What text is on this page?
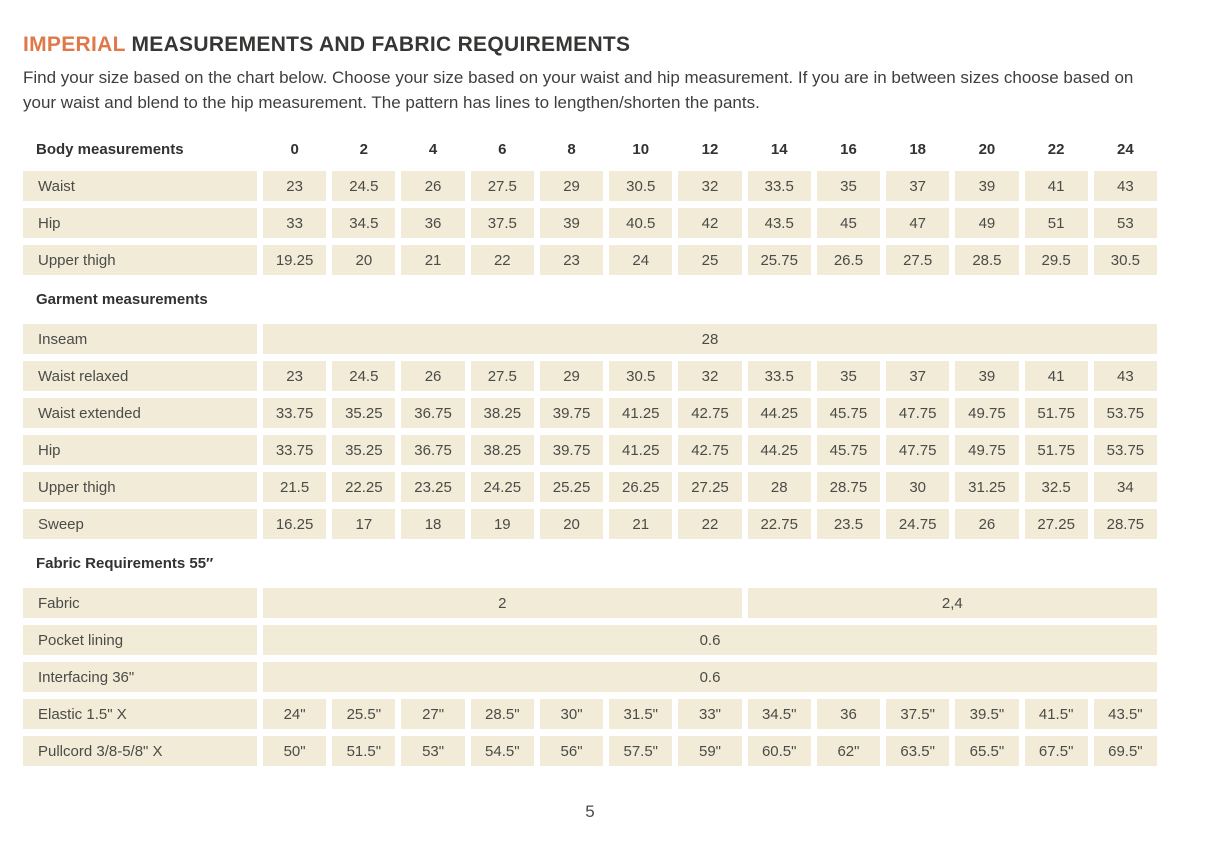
IMPERIAL MEASUREMENTS AND FABRIC REQUIREMENTS

Find your size based on the chart below. Choose your size based on your waist and hip measurement. If you are in between sizes choose based on your waist and blend to the hip measurement. The pattern has lines to lengthen/shorten the pants.

Body measurements	0	2	4	6	8	10	12	14	16	18	20	22	24
Waist	23	24.5	26	27.5	29	30.5	32	33.5	35	37	39	41	43
Hip	33	34.5	36	37.5	39	40.5	42	43.5	45	47	49	51	53
Upper thigh	19.25	20	21	22	23	24	25	25.75	26.5	27.5	28.5	29.5	30.5
Garment measurements
Inseam	28
Waist relaxed	23	24.5	26	27.5	29	30.5	32	33.5	35	37	39	41	43
Waist extended	33.75	35.25	36.75	38.25	39.75	41.25	42.75	44.25	45.75	47.75	49.75	51.75	53.75
Hip	33.75	35.25	36.75	38.25	39.75	41.25	42.75	44.25	45.75	47.75	49.75	51.75	53.75
Upper thigh	21.5	22.25	23.25	24.25	25.25	26.25	27.25	28	28.75	30	31.25	32.5	34
Sweep	16.25	17	18	19	20	21	22	22.75	23.5	24.75	26	27.25	28.75
Fabric Requirements 55″
Fabric	2	2,4
Pocket lining	0.6
Interfacing 36"	0.6
Elastic 1.5" X	24"	25.5"	27"	28.5"	30"	31.5"	33"	34.5"	36	37.5"	39.5"	41.5"	43.5"
Pullcord 3/8-5/8" X	50"	51.5"	53"	54.5"	56"	57.5"	59"	60.5"	62"	63.5"	65.5"	67.5"	69.5"
5
